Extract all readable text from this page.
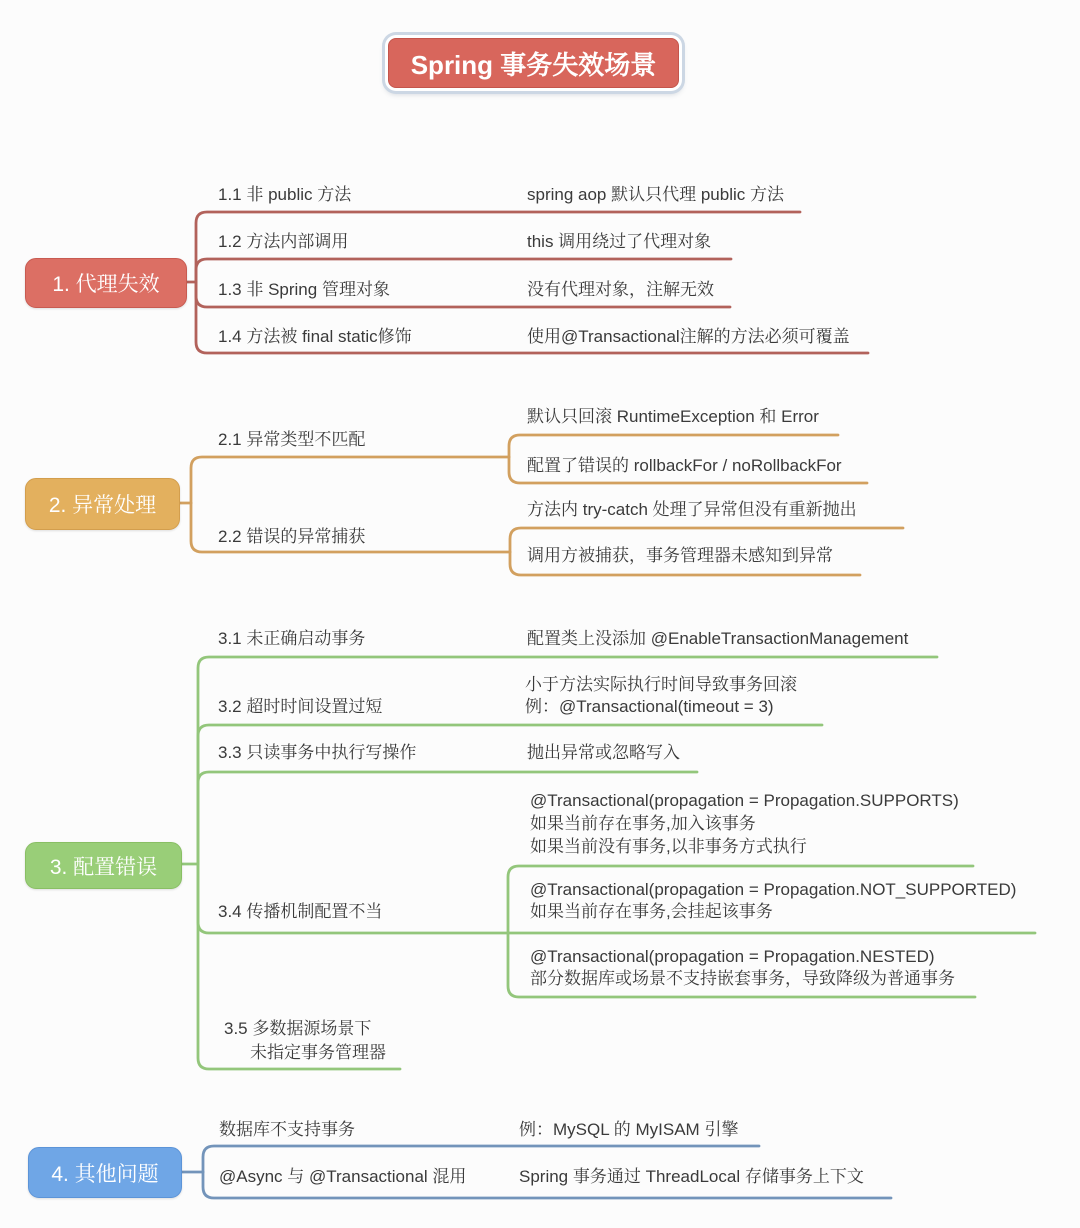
Spring 事务失效场景
1. 代理失效
2. 异常处理
3. 配置错误
4. 其他问题
1.1 非 public 方法	spring aop 默认只代理 public 方法
1.2 方法内部调用	this 调用绕过了代理对象
1.3 非 Spring 管理对象	没有代理对象，注解无效
1.4 方法被 final static修饰	使用@Transactional注解的方法必须可覆盖
2.1 异常类型不匹配
默认只回滚 RuntimeException 和 Error
配置了错误的 rollbackFor / noRollbackFor
2.2 错误的异常捕获
方法内 try-catch 处理了异常但没有重新抛出
调用方被捕获，事务管理器未感知到异常
3.1 未正确启动事务	配置类上没添加 @EnableTransactionManagement
3.2 超时时间设置过短
小于方法实际执行时间导致事务回滚
例：@Transactional(timeout = 3)
3.3 只读事务中执行写操作	抛出异常或忽略写入
3.4 传播机制配置不当
@Transactional(propagation = Propagation.SUPPORTS)
如果当前存在事务,加入该事务
如果当前没有事务,以非事务方式执行
@Transactional(propagation = Propagation.NOT_SUPPORTED)
如果当前存在事务,会挂起该事务
@Transactional(propagation = Propagation.NESTED)
部分数据库或场景不支持嵌套事务，导致降级为普通事务
3.5 多数据源场景下
未指定事务管理器
数据库不支持事务	例：MySQL 的 MyISAM 引擎
@Async 与 @Transactional 混用	Spring 事务通过 ThreadLocal 存储事务上下文
